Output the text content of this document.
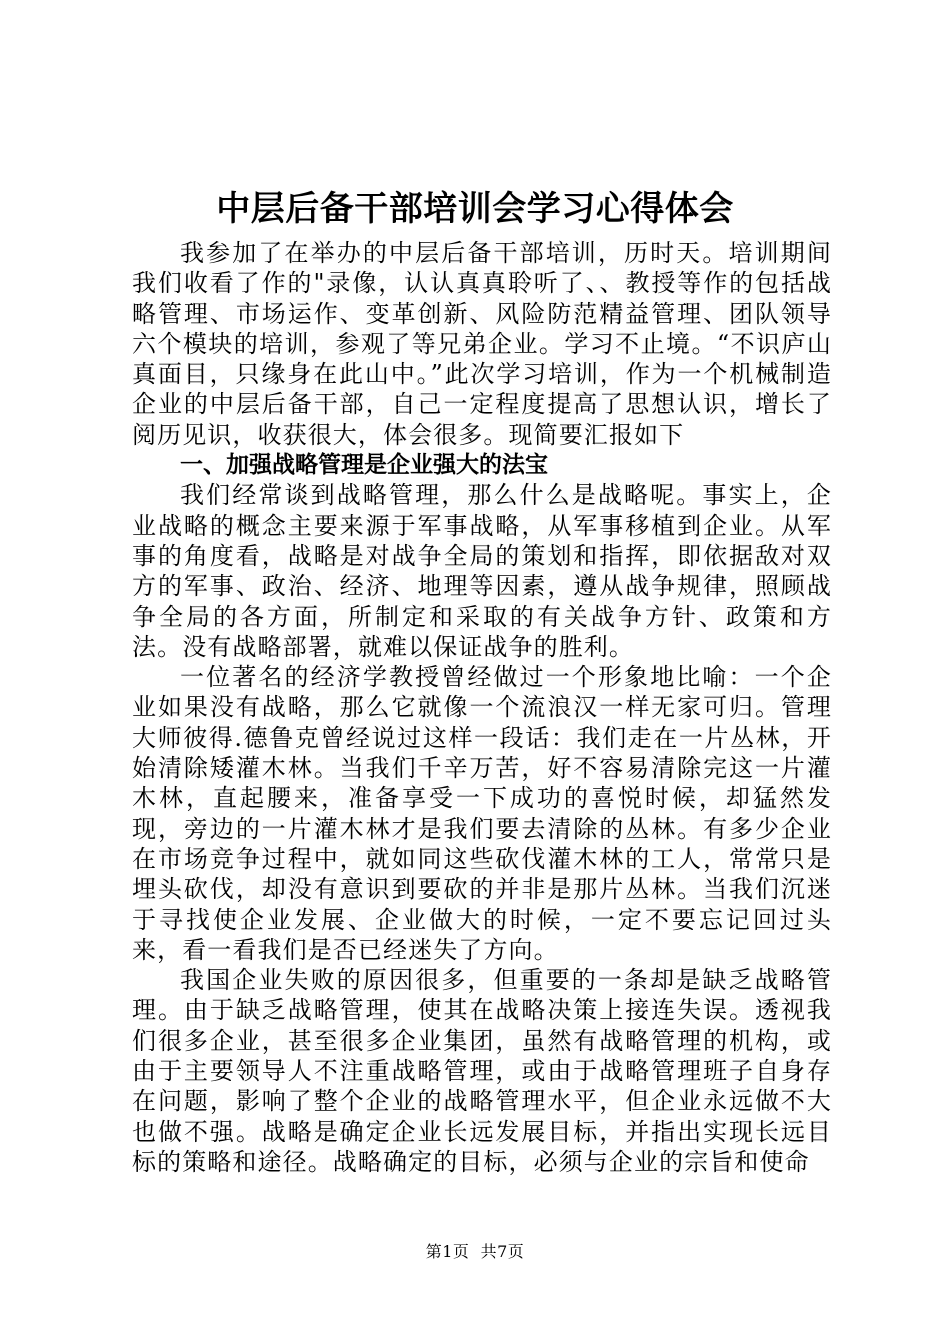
中层后备干部培训会学习心得体会

我参加了在举办的中层后备干部培训，历时天。培训期间我们收看了作的"录像，认认真真聆听了、、教授等作的包括战略管理、市场运作、变革创新、风险防范精益管理、团队领导六个模块的培训，参观了等兄弟企业。学习不止境。“不识庐山真面目，只缘身在此山中。”此次学习培训，作为一个机械制造企业的中层后备干部，自己一定程度提高了思想认识，增长了阅历见识，收获很大，体会很多。现简要汇报如下

一、加强战略管理是企业强大的法宝

我们经常谈到战略管理，那么什么是战略呢。事实上，企业战略的概念主要来源于军事战略，从军事移植到企业。从军事的角度看，战略是对战争全局的策划和指挥，即依据敌对双方的军事、政治、经济、地理等因素，遵从战争规律，照顾战争全局的各方面，所制定和采取的有关战争方针、政策和方法。没有战略部署，就难以保证战争的胜利。

一位著名的经济学教授曾经做过一个形象地比喻：一个企业如果没有战略，那么它就像一个流浪汉一样无家可归。管理大师彼得.德鲁克曾经说过这样一段话：我们走在一片丛林，开始清除矮灌木林。当我们千辛万苦，好不容易清除完这一片灌木林，直起腰来，准备享受一下成功的喜悦时候，却猛然发现，旁边的一片灌木林才是我们要去清除的丛林。有多少企业在市场竞争过程中，就如同这些砍伐灌木林的工人，常常只是埋头砍伐，却没有意识到要砍的并非是那片丛林。当我们沉迷于寻找使企业发展、企业做大的时候，一定不要忘记回过头来，看一看我们是否已经迷失了方向。

我国企业失败的原因很多，但重要的一条却是缺乏战略管理。由于缺乏战略管理，使其在战略决策上接连失误。透视我们很多企业，甚至很多企业集团，虽然有战略管理的机构，或由于主要领导人不注重战略管理，或由于战略管理班子自身存在问题，影响了整个企业的战略管理水平，但企业永远做不大也做不强。战略是确定企业长远发展目标，并指出实现长远目标的策略和途径。战略确定的目标，必须与企业的宗旨和使命

第1页 共7页
